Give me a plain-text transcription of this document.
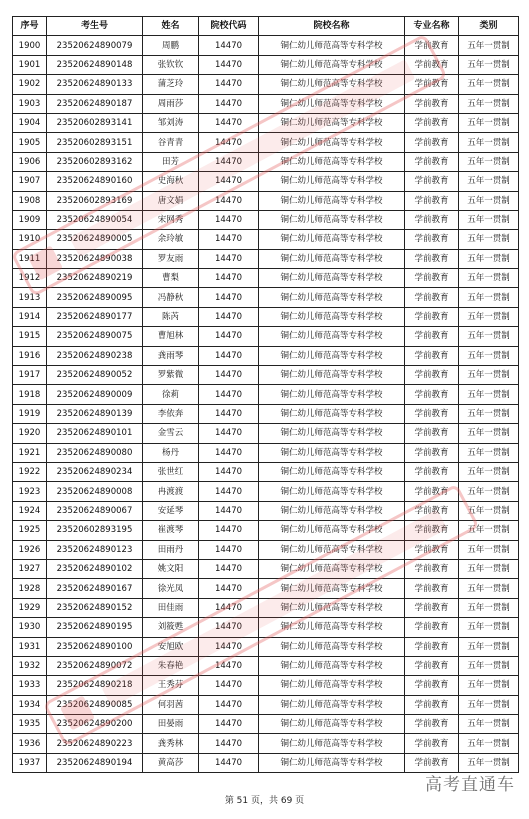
序号	考生号	姓名	院校代码	院校名称	专业名称	类别
1900	23520624890079	周鹏	14470	铜仁幼儿师范高等专科学校	学前教育	五年一贯制
1901	23520624890148	张钦钦	14470	铜仁幼儿师范高等专科学校	学前教育	五年一贯制
1902	23520624890133	蒲芝玲	14470	铜仁幼儿师范高等专科学校	学前教育	五年一贯制
1903	23520624890187	周雨莎	14470	铜仁幼儿师范高等专科学校	学前教育	五年一贯制
1904	23520602893141	邹刘涛	14470	铜仁幼儿师范高等专科学校	学前教育	五年一贯制
1905	23520602893151	谷青青	14470	铜仁幼儿师范高等专科学校	学前教育	五年一贯制
1906	23520602893162	田芳	14470	铜仁幼儿师范高等专科学校	学前教育	五年一贯制
1907	23520624890160	史海秋	14470	铜仁幼儿师范高等专科学校	学前教育	五年一贯制
1908	23520602893169	唐文娟	14470	铜仁幼儿师范高等专科学校	学前教育	五年一贯制
1909	23520624890054	宋网秀	14470	铜仁幼儿师范高等专科学校	学前教育	五年一贯制
1910	23520624890005	余玲敏	14470	铜仁幼儿师范高等专科学校	学前教育	五年一贯制
1911	23520624890038	罗友雨	14470	铜仁幼儿师范高等专科学校	学前教育	五年一贯制
1912	23520624890219	曹梨	14470	铜仁幼儿师范高等专科学校	学前教育	五年一贯制
1913	23520624890095	冯静秋	14470	铜仁幼儿师范高等专科学校	学前教育	五年一贯制
1914	23520624890177	陈芮	14470	铜仁幼儿师范高等专科学校	学前教育	五年一贯制
1915	23520624890075	曹旭林	14470	铜仁幼儿师范高等专科学校	学前教育	五年一贯制
1916	23520624890238	龚雨琴	14470	铜仁幼儿师范高等专科学校	学前教育	五年一贯制
1917	23520624890052	罗紫微	14470	铜仁幼儿师范高等专科学校	学前教育	五年一贯制
1918	23520624890009	徐莉	14470	铜仁幼儿师范高等专科学校	学前教育	五年一贯制
1919	23520624890139	李依奔	14470	铜仁幼儿师范高等专科学校	学前教育	五年一贯制
1920	23520624890101	金雪云	14470	铜仁幼儿师范高等专科学校	学前教育	五年一贯制
1921	23520624890080	杨丹	14470	铜仁幼儿师范高等专科学校	学前教育	五年一贯制
1922	23520624890234	张世红	14470	铜仁幼儿师范高等专科学校	学前教育	五年一贯制
1923	23520624890008	冉渡渡	14470	铜仁幼儿师范高等专科学校	学前教育	五年一贯制
1924	23520624890067	安延琴	14470	铜仁幼儿师范高等专科学校	学前教育	五年一贯制
1925	23520602893195	崔渡琴	14470	铜仁幼儿师范高等专科学校	学前教育	五年一贯制
1926	23520624890123	田雨丹	14470	铜仁幼儿师范高等专科学校	学前教育	五年一贯制
1927	23520624890102	姚文阳	14470	铜仁幼儿师范高等专科学校	学前教育	五年一贯制
1928	23520624890167	徐光凤	14470	铜仁幼儿师范高等专科学校	学前教育	五年一贯制
1929	23520624890152	田佳雨	14470	铜仁幼儿师范高等专科学校	学前教育	五年一贯制
1930	23520624890195	刘筱甦	14470	铜仁幼儿师范高等专科学校	学前教育	五年一贯制
1931	23520624890100	安旭欧	14470	铜仁幼儿师范高等专科学校	学前教育	五年一贯制
1932	23520624890072	朱春艳	14470	铜仁幼儿师范高等专科学校	学前教育	五年一贯制
1933	23520624890218	王秀芬	14470	铜仁幼儿师范高等专科学校	学前教育	五年一贯制
1934	23520624890085	何羽茜	14470	铜仁幼儿师范高等专科学校	学前教育	五年一贯制
1935	23520624890200	田晏雨	14470	铜仁幼儿师范高等专科学校	学前教育	五年一贯制
1936	23520624890223	龚秀林	14470	铜仁幼儿师范高等专科学校	学前教育	五年一贯制
1937	23520624890194	黄高莎	14470	铜仁幼儿师范高等专科学校	学前教育	五年一贯制
高考直通车
第 51 页，共 69 页
